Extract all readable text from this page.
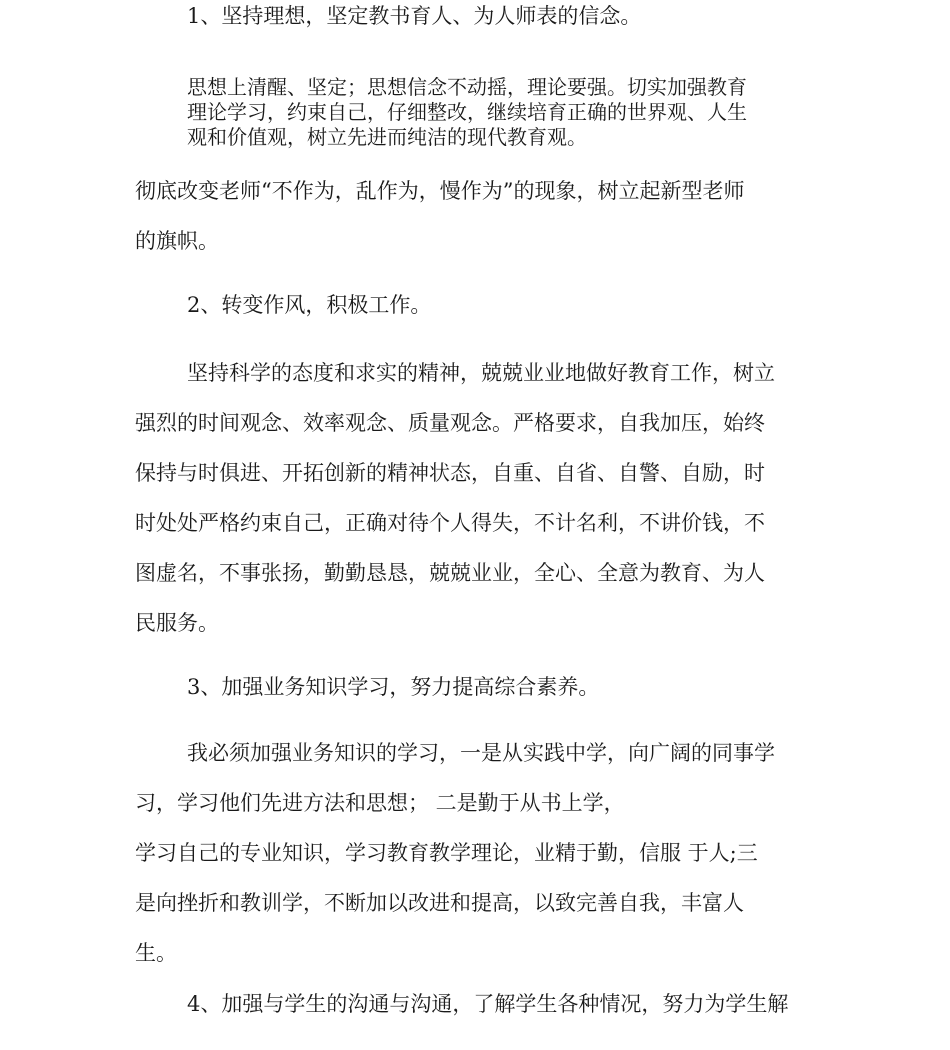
1、坚持理想，坚定教书育人、为人师表的信念。
思想上清醒、坚定；思想信念不动摇，理论要强。切实加强教育
理论学习，约束自己，仔细整改，继续培育正确的世界观、人生
观和价值观，树立先进而纯洁的现代教育观。
彻底改变老师“不作为，乱作为，慢作为”的现象，树立起新型老师
的旗帜。
2、转变作风，积极工作。
坚持科学的态度和求实的精神，兢兢业业地做好教育工作，树立
强烈的时间观念、效率观念、质量观念。严格要求，自我加压，始终
保持与时俱进、开拓创新的精神状态，自重、自省、自警、自励，时
时处处严格约束自己，正确对待个人得失，不计名利，不讲价钱，不
图虚名，不事张扬，勤勤恳恳，兢兢业业，全心、全意为教育、为人
民服务。
3、加强业务知识学习，努力提高综合素养。
我必须加强业务知识的学习，一是从实践中学，向广阔的同事学
习，学习他们先进方法和思想； 二是勤于从书上学，
学习自己的专业知识，学习教育教学理论，业精于勤，信服 于人;三
是向挫折和教训学，不断加以改进和提高，以致完善自我，丰富人
生。
4、加强与学生的沟通与沟通，了解学生各种情况，努力为学生解
